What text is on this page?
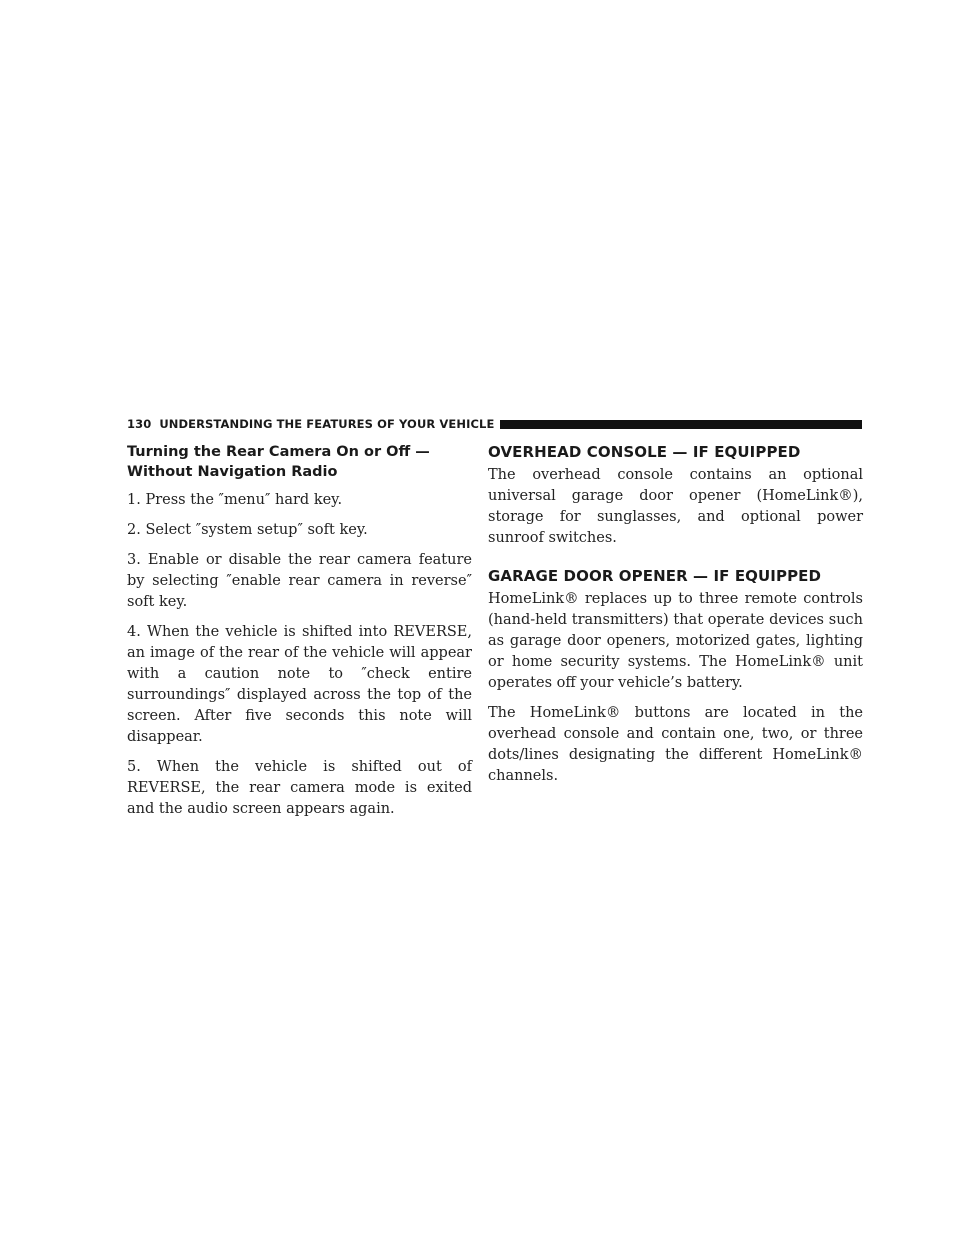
130 UNDERSTANDING THE FEATURES OF YOUR VEHICLE
Turning the Rear Camera On or Off — Without Navigation Radio

1. Press the ″menu″ hard key.

2. Select ″system setup″ soft key.

3. Enable or disable the rear camera feature by selecting ″enable rear camera in reverse″ soft key.

4. When the vehicle is shifted into REVERSE, an image of the rear of the vehicle will appear with a caution note to ″check entire surroundings″ displayed across the top of the screen. After five seconds this note will disappear.

5. When the vehicle is shifted out of REVERSE, the rear camera mode is exited and the audio screen appears again.

OVERHEAD CONSOLE — IF EQUIPPED

The overhead console contains an optional universal garage door opener (HomeLink®), storage for sunglasses, and optional power sunroof switches.

GARAGE DOOR OPENER — IF EQUIPPED

HomeLink® replaces up to three remote controls (hand-held transmitters) that operate devices such as garage door openers, motorized gates, lighting or home security systems. The HomeLink® unit operates off your vehicle’s battery.

The HomeLink® buttons are located in the overhead console and contain one, two, or three dots/lines designating the different HomeLink® channels.
